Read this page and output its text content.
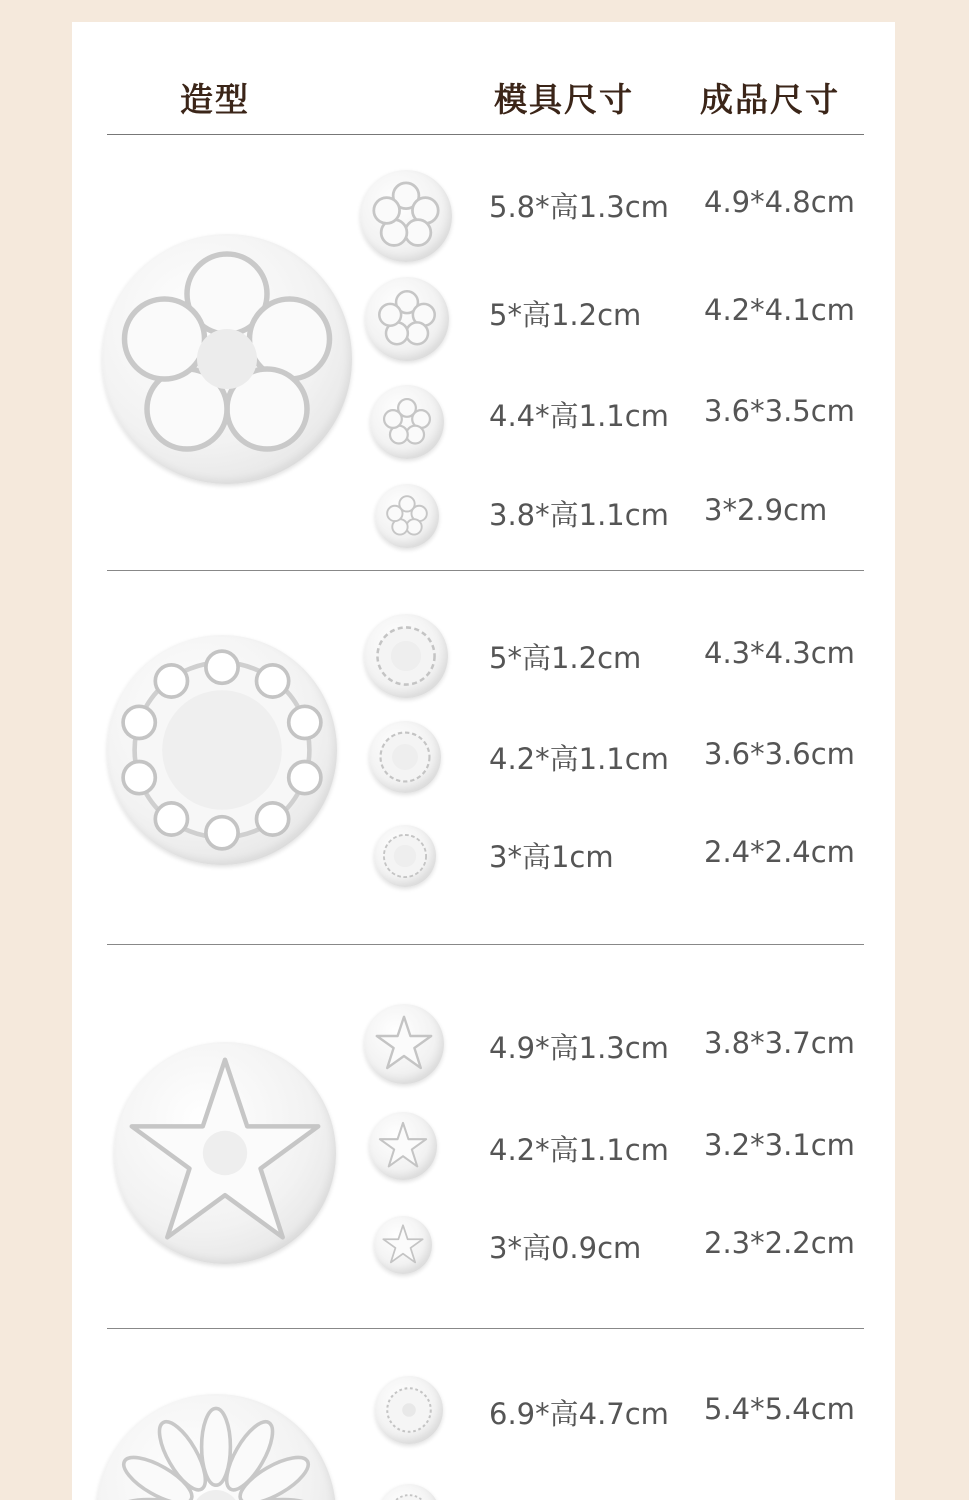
造型	模具尺寸 成品尺寸
5.8*高1.3cm 4.9*4.8cm
5*高1.2cm 4.2*4.1cm
4.4*高1.1cm 3.6*3.5cm
3.8*高1.1cm 3*2.9cm
5*高1.2cm 4.3*4.3cm
4.2*高1.1cm 3.6*3.6cm
3*高1cm	2.4*2.4cm
4.9*高1.3cm 3.8*3.7cm
4.2*高1.1cm 3.2*3.1cm
3*高0.9cm 2.3*2.2cm
6.9*高4.7cm 5.4*5.4cm
